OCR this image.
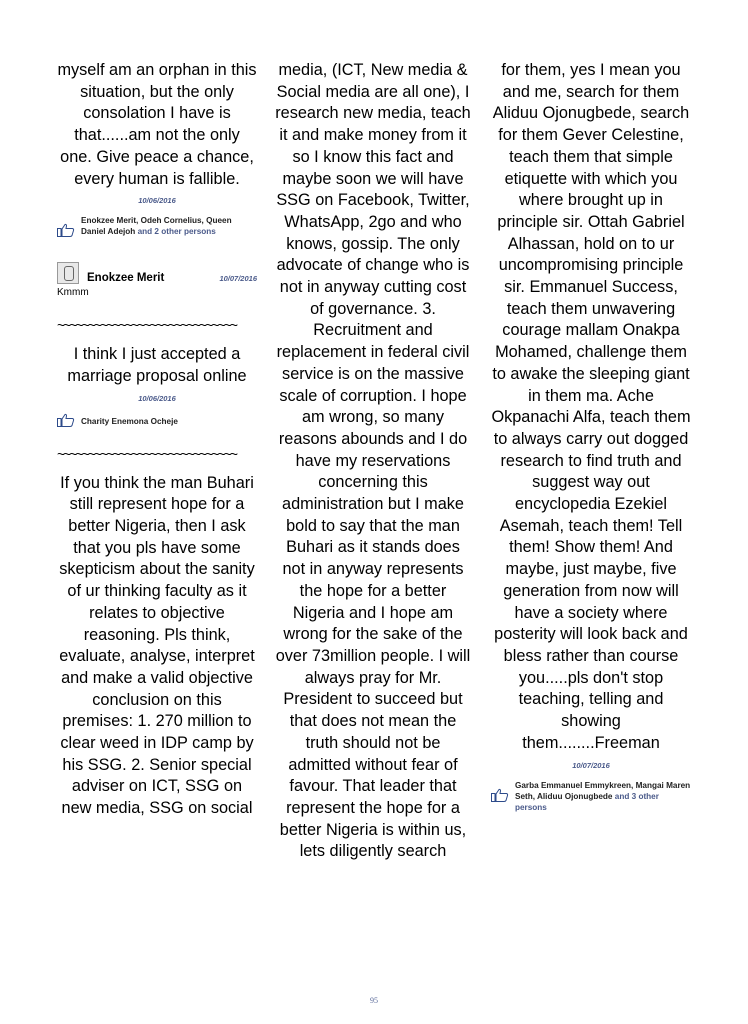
myself am an orphan in this situation, but the only consolation I have is that......am not the only one. Give peace a chance, every human is fallible.

10/06/2016
Enokzee Merit, Odeh Cornelius, Queen Daniel Adejoh and 2 other persons
Enokzee Merit	10/07/2016
Kmmm
~~~~~~~~~~~~~~~~~~~~~~~~~~~~~

I think I just accepted a marriage proposal online

10/06/2016
Charity Enemona Ocheje
~~~~~~~~~~~~~~~~~~~~~~~~~~~~~

If you think the man Buhari still represent hope for a better Nigeria, then I ask that you pls have some skepticism about the sanity of ur thinking faculty as it relates to objective reasoning. Pls think, evaluate, analyse, interpret and make a valid objective conclusion on this premises: 1. 270 million to clear weed in IDP camp by his SSG. 2. Senior special adviser on ICT, SSG on new media, SSG on social

media, (ICT, New media & Social media are all one), I research new media, teach it and make money from it so I know this fact and maybe soon we will have SSG on Facebook, Twitter, WhatsApp, 2go and who knows, gossip. The only advocate of change who is not in anyway cutting cost of governance. 3. Recruitment and replacement in federal civil service is on the massive scale of corruption. I hope am wrong, so many reasons abounds and I do have my reservations concerning this administration but I make bold to say that the man Buhari as it stands does not in anyway represents the hope for a better Nigeria and I hope am wrong for the sake of the over 73million people. I will always pray for Mr. President to succeed but that does not mean the truth should not be admitted without fear of favour. That leader that represent the hope for a better Nigeria is within us, lets diligently search

for them, yes I mean you and me, search for them Aliduu Ojonugbede, search for them Gever Celestine, teach them that simple etiquette with which you where brought up in principle sir. Ottah Gabriel Alhassan, hold on to ur uncompromising principle sir. Emmanuel Success, teach them unwavering courage mallam Onakpa Mohamed, challenge them to awake the sleeping giant in them ma. Ache Okpanachi Alfa, teach them to always carry out dogged research to find truth and suggest way out encyclopedia Ezekiel Asemah, teach them! Tell them! Show them! And maybe, just maybe, five generation from now will have a society where posterity will look back and bless rather than course you.....pls don't stop teaching, telling and showing them........Freeman

10/07/2016
Garba Emmanuel Emmykreen, Mangai Maren Seth, Aliduu Ojonugbede and 3 other persons
95
